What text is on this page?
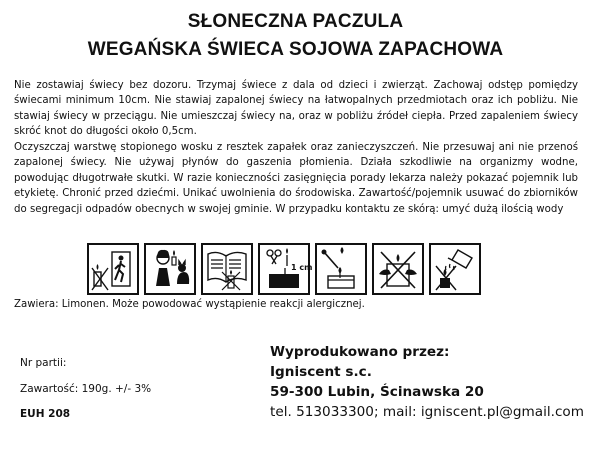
SŁONECZNA PACZULA
WEGAŃSKA ŚWIECA SOJOWA ZAPACHOWA

Nie zostawiaj świecy bez dozoru. Trzymaj świece z dala od dzieci i zwierząt. Zachowaj odstęp pomiędzy świecami minimum 10cm. Nie stawiaj zapalonej świecy na łatwopalnych przedmiotach oraz ich pobliżu. Nie stawiaj świecy w przeciągu. Nie umieszczaj świecy na, oraz w pobliżu źródeł ciepła. Przed zapaleniem świecy skróć knot do długości około 0,5cm.

Oczyszczaj warstwę stopionego wosku z resztek zapałek oraz zanieczyszczeń. Nie przesuwaj ani nie przenoś zapalonej świecy. Nie używaj płynów do gaszenia płomienia. Działa szkodliwie na organizmy wodne, powodując długotrwałe skutki. W razie konieczności zasięgnięcia porady lekarza należy pokazać pojemnik lub etykietę. Chronić przed dziećmi. Unikać uwolnienia do środowiska. Zawartość/pojemnik usuwać do zbiorników do segregacji odpadów obecnych w swojej gminie. W przypadku kontaktu ze skórą: umyć dużą ilością wody

1 cm
Zawiera: Limonen. Może powodować wystąpienie reakcji alergicznej.
Nr partii:
Zawartość: 190g. +/- 3%
EUH 208
Wyprodukowano przez:
Igniscent s.c.
59-300 Lubin, Ścinawska 20
tel. 513033300; mail: igniscent.pl@gmail.com
